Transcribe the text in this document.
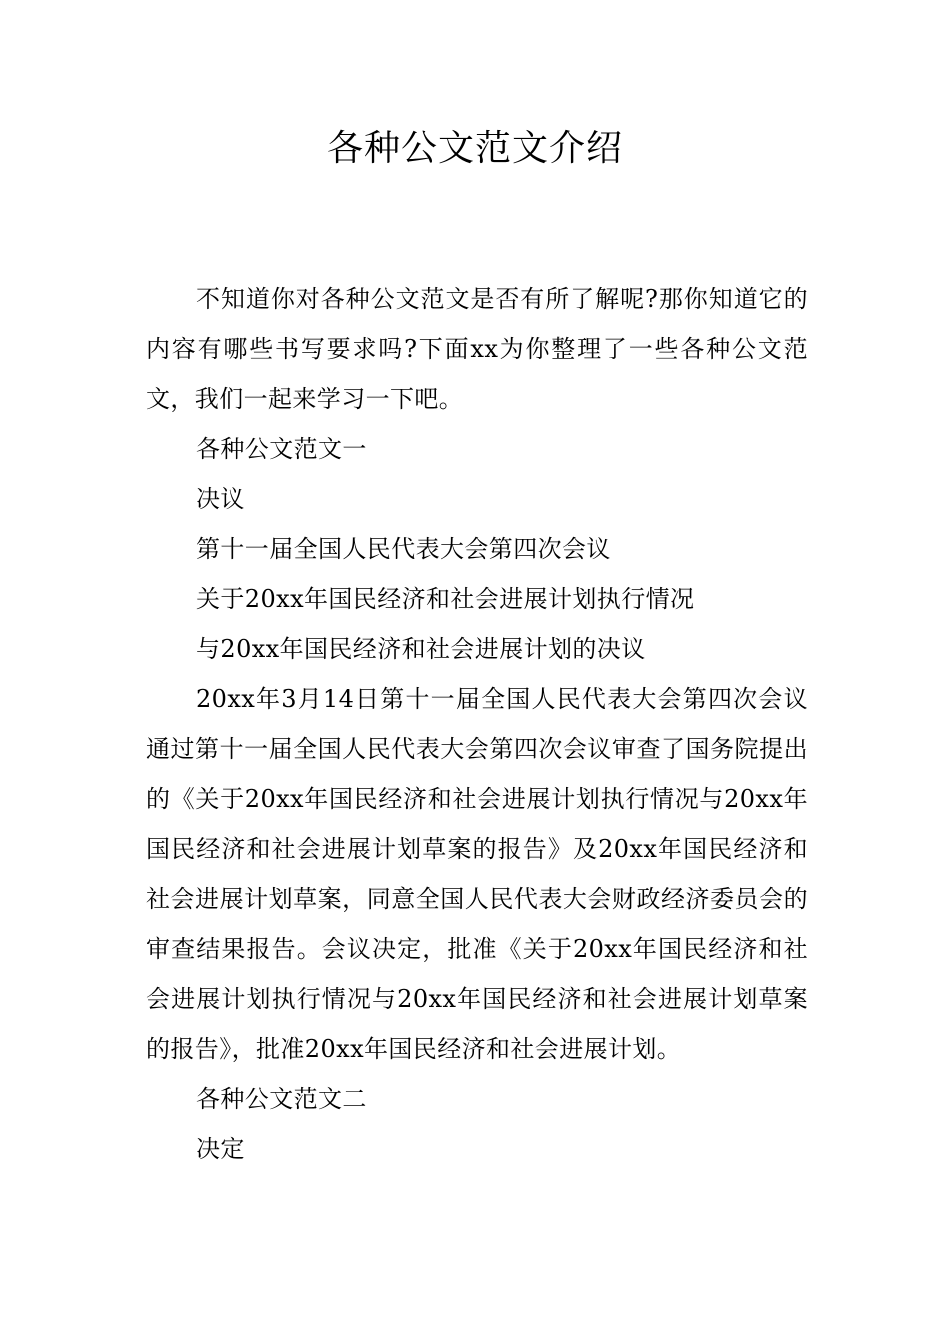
各种公文范文介绍

不知道你对各种公文范文是否有所了解呢?那你知道它的内容有哪些书写要求吗?下面xx为你整理了一些各种公文范文，我们一起来学习一下吧。

各种公文范文一

决议

第十一届全国人民代表大会第四次会议

关于20xx年国民经济和社会进展计划执行情况

与20xx年国民经济和社会进展计划的决议

20xx年3月14日第十一届全国人民代表大会第四次会议通过第十一届全国人民代表大会第四次会议审查了国务院提出的《关于20xx年国民经济和社会进展计划执行情况与20xx年国民经济和社会进展计划草案的报告》及20xx年国民经济和社会进展计划草案，同意全国人民代表大会财政经济委员会的审查结果报告。会议决定，批准《关于20xx年国民经济和社会进展计划执行情况与20xx年国民经济和社会进展计划草案的报告》，批准20xx年国民经济和社会进展计划。

各种公文范文二

决定
